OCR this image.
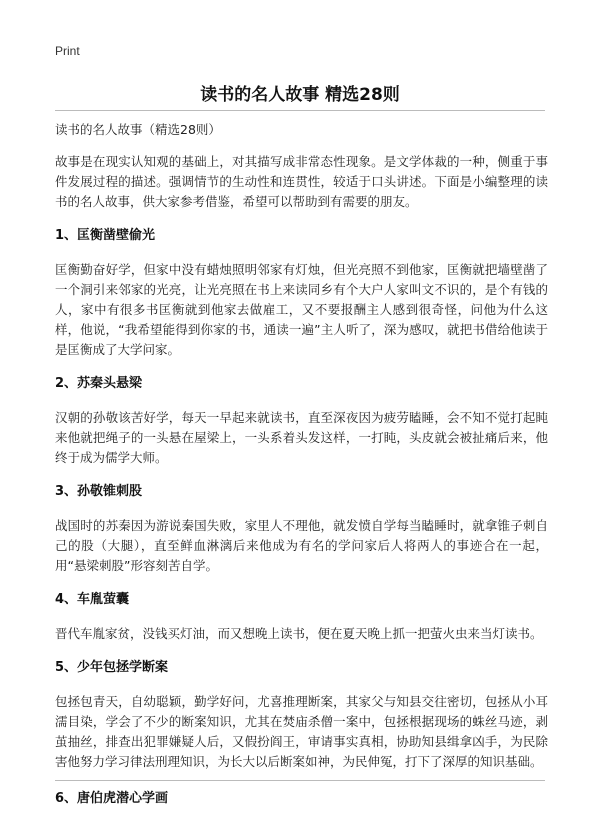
Print
读书的名人故事 精选28则

读书的名人故事（精选28则）

故事是在现实认知观的基础上，对其描写成非常态性现象。是文学体裁的一种，侧重于事件发展过程的描述。强调情节的生动性和连贯性，较适于口头讲述。下面是小编整理的读书的名人故事，供大家参考借鉴，希望可以帮助到有需要的朋友。

1、匡衡凿壁偷光

匡衡勤奋好学，但家中没有蜡烛照明邻家有灯烛，但光亮照不到他家，匡衡就把墙壁凿了一个洞引来邻家的光亮，让光亮照在书上来读同乡有个大户人家叫文不识的，是个有钱的人，家中有很多书匡衡就到他家去做雇工，又不要报酬主人感到很奇怪，问他为什么这样，他说，“我希望能得到你家的书，通读一遍”主人听了，深为感叹，就把书借给他读于是匡衡成了大学问家。

2、苏秦头悬梁

汉朝的孙敬该苦好学，每天一早起来就读书，直至深夜因为疲劳瞌睡，会不知不觉打起盹来他就把绳子的一头悬在屋梁上，一头系着头发这样，一打盹，头皮就会被扯痛后来，他终于成为儒学大师。

3、孙敬锥刺股

战国时的苏秦因为游说秦国失败，家里人不理他，就发愤自学每当瞌睡时，就拿锥子刺自己的股（大腿），直至鲜血淋漓后来他成为有名的学问家后人将两人的事迹合在一起，用“悬梁刺股”形容刻苦自学。

4、车胤萤囊

晋代车胤家贫，没钱买灯油，而又想晚上读书，便在夏天晚上抓一把萤火虫来当灯读书。

5、少年包拯学断案

包拯包青天，自幼聪颖，勤学好问，尤喜推理断案，其家父与知县交往密切，包拯从小耳濡目染，学会了不少的断案知识，尤其在焚庙杀僧一案中，包拯根据现场的蛛丝马迹，剥茧抽丝，排查出犯罪嫌疑人后，又假扮阎王，审请事实真相，协助知县缉拿凶手，为民除害他努力学习律法刑理知识，为长大以后断案如神，为民伸冤，打下了深厚的知识基础。

6、唐伯虎潜心学画
